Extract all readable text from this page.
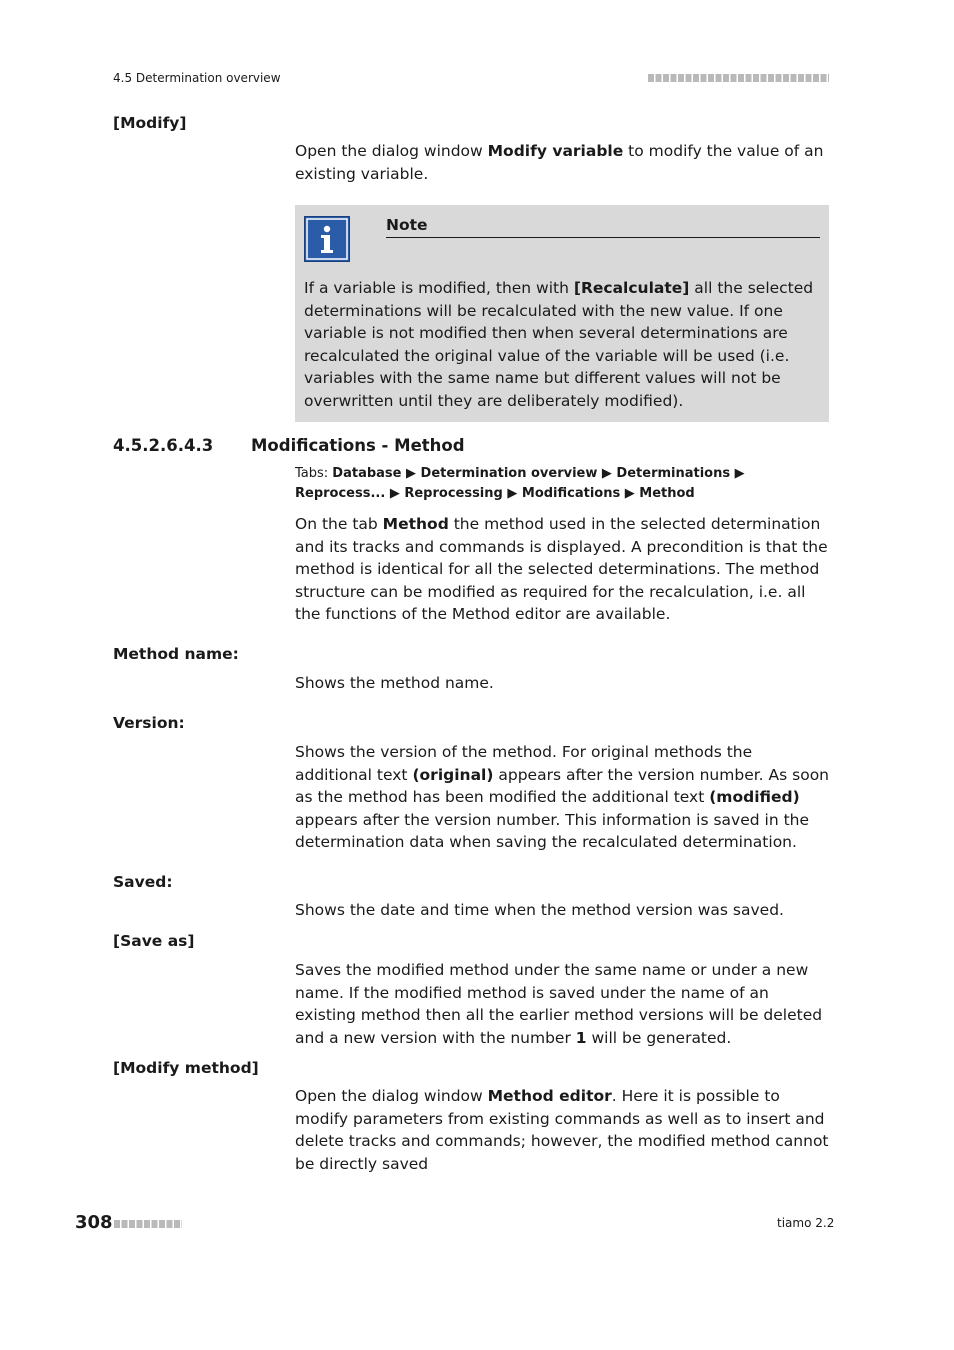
4.5 Determination overview
[Modify]
Open the dialog window Modify variable to modify the value of an existing variable.
Note
If a variable is modified, then with [Recalculate] all the selected determinations will be recalculated with the new value. If one variable is not modified then when several determinations are recalculated the original value of the variable will be used (i.e. variables with the same name but different values will not be overwritten until they are deliberately modified).
4.5.2.6.4.3 Modifications - Method
Tabs: Database ▶ Determination overview ▶ Determinations ▶ Reprocess... ▶ Reprocessing ▶ Modifications ▶ Method
On the tab Method the method used in the selected determination and its tracks and commands is displayed. A precondition is that the method is identical for all the selected determinations. The method structure can be modified as required for the recalculation, i.e. all the functions of the Method editor are available.
Method name:
Shows the method name.
Version:
Shows the version of the method. For original methods the additional text (original) appears after the version number. As soon as the method has been modified the additional text (modified) appears after the version number. This information is saved in the determination data when saving the recalculated determination.
Saved:
Shows the date and time when the method version was saved.
[Save as]
Saves the modified method under the same name or under a new name. If the modified method is saved under the name of an existing method then all the earlier method versions will be deleted and a new version with the number 1 will be generated.
[Modify method]
Open the dialog window Method editor. Here it is possible to modify parameters from existing commands as well as to insert and delete tracks and commands; however, the modified method cannot be directly saved
308	tiamo 2.2
